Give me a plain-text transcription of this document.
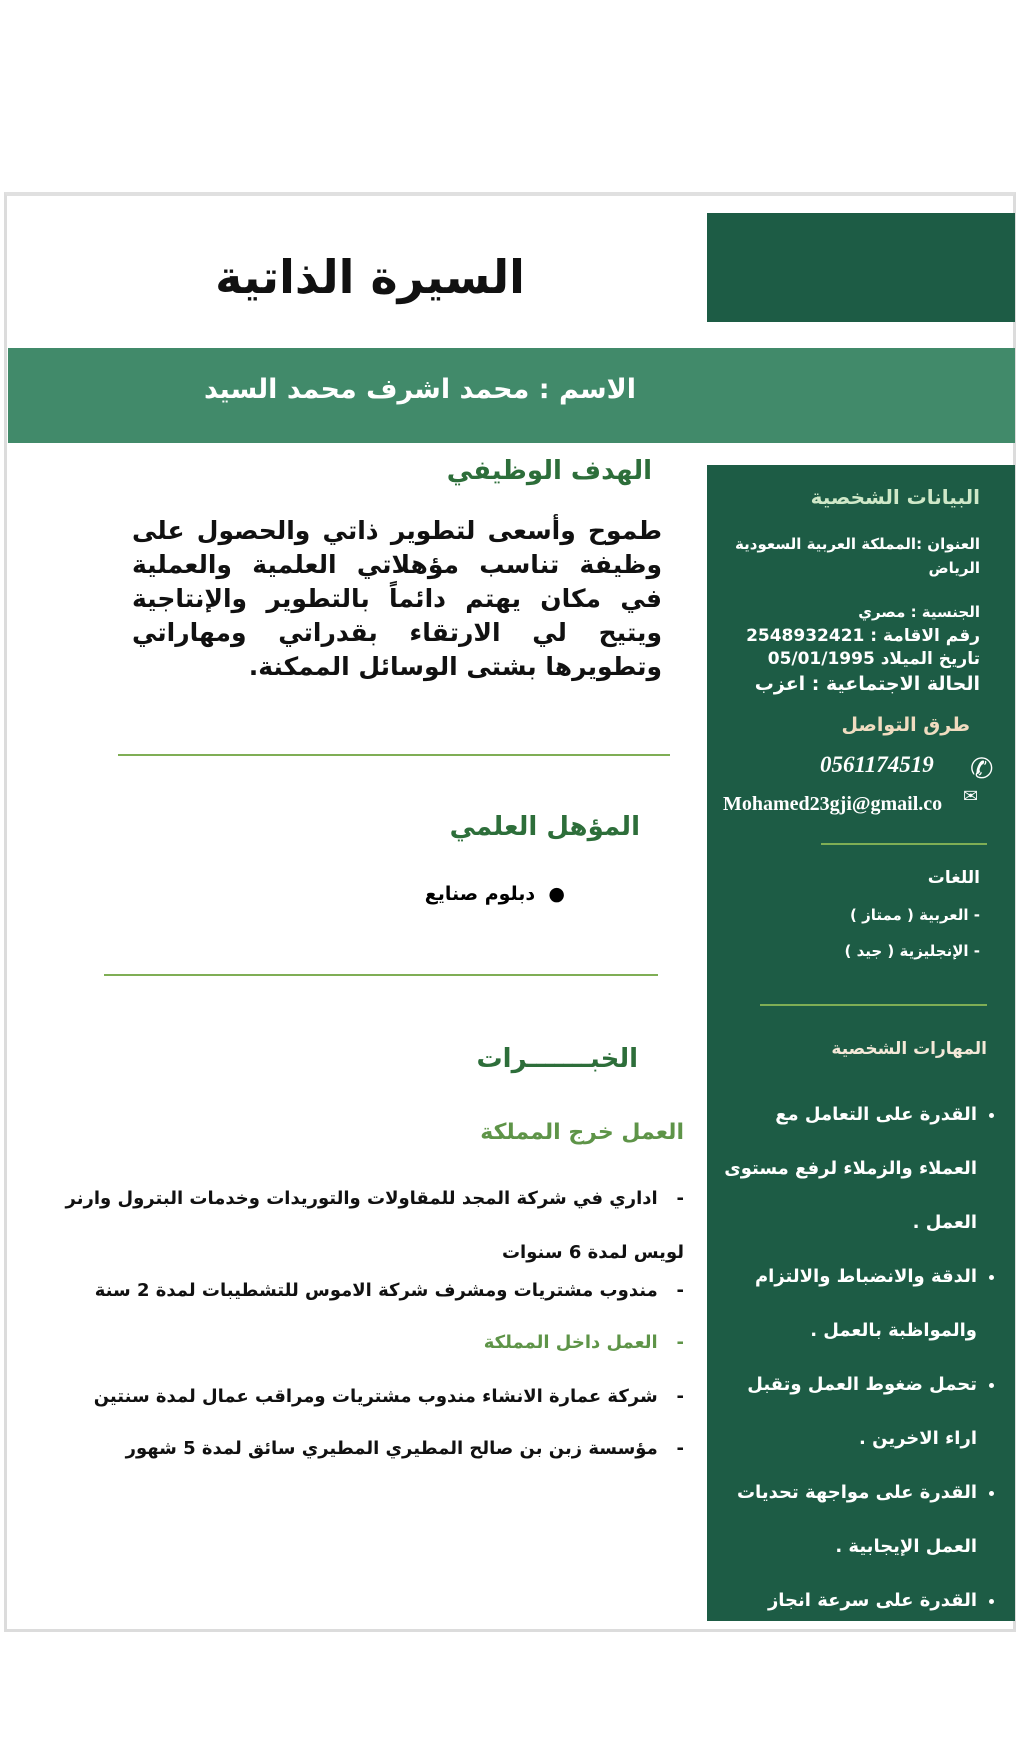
السيرة الذاتية
الاسم : محمد اشرف محمد السيد
البيانات الشخصية
العنوان :المملكة العربية السعودية الرياض
الجنسية : مصري
رقم الاقامة : 2548932421
تاريخ الميلاد 05/01/1995
الحالة الاجتماعية : اعزب
طرق التواصل
0561174519 ✆
Mohamed23gji@gmail.co ✉
اللغات
- العربية ( ممتاز )
- الإنجليزية ( جيد )
المهارات الشخصية
• القدرة على التعامل مع العملاء والزملاء لرفع مستوى العمل .
• الدقة والانضباط والالتزام والمواظبة بالعمل .
• تحمل ضغوط العمل وتقبل اراء الاخرين .
• القدرة على مواجهة تحديات العمل الإيجابية .
• القدرة على سرعة انجاز العمل
الهدف الوظيفي
طموح وأسعى لتطوير ذاتي والحصول على وظيفة تناسب مؤهلاتي العلمية والعملية في مكان يهتم دائماً بالتطوير والإنتاجية ويتيح لي الارتقاء بقدراتي ومهاراتي وتطويرها بشتى الوسائل الممكنة.
المؤهل العلمي
●  دبلوم صنايع
الخبـــــــرات
العمل خرج المملكة
-   اداري في شركة المجد للمقاولات والتوريدات وخدمات البترول وارنر لويس لمدة 6 سنوات
-   مندوب مشتريات ومشرف شركة الاموس للتشطيبات لمدة 2 سنة
-   العمل داخل المملكة
-   شركة عمارة الانشاء مندوب مشتريات ومراقب عمال لمدة سنتين
-   مؤسسة زبن بن صالح المطيري المطيري سائق لمدة 5 شهور
